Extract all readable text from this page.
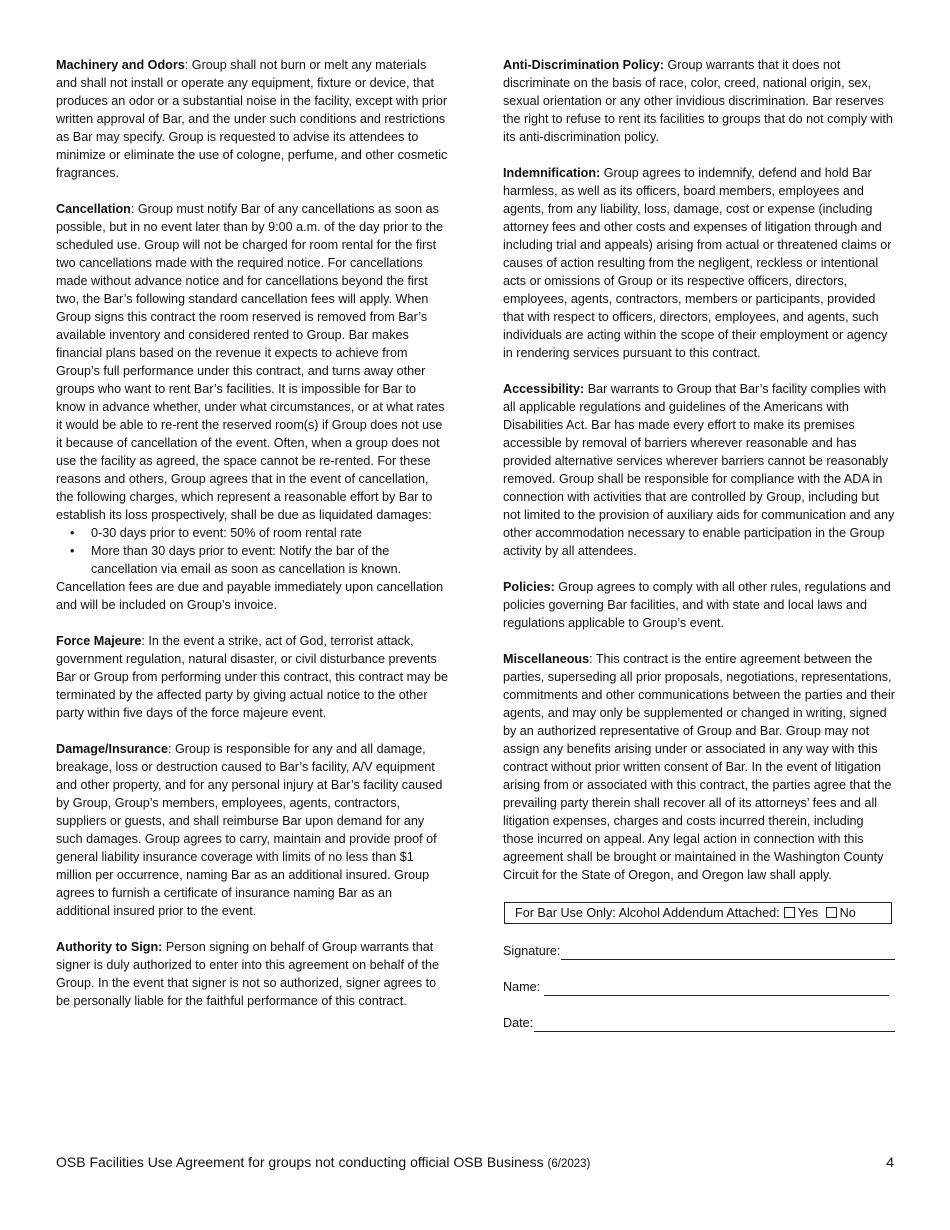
Machinery and Odors: Group shall not burn or melt any materials and shall not install or operate any equipment, fixture or device, that produces an odor or a substantial noise in the facility, except with prior written approval of Bar, and the under such conditions and restrictions as Bar may specify. Group is requested to advise its attendees to minimize or eliminate the use of cologne, perfume, and other cosmetic fragrances.

Cancellation: Group must notify Bar of any cancellations as soon as possible, but in no event later than by 9:00 a.m. of the day prior to the scheduled use. Group will not be charged for room rental for the first two cancellations made with the required notice. For cancellations made without advance notice and for cancellations beyond the first two, the Bar’s following standard cancellation fees will apply. When Group signs this contract the room reserved is removed from Bar’s available inventory and considered rented to Group. Bar makes financial plans based on the revenue it expects to achieve from Group’s full performance under this contract, and turns away other groups who want to rent Bar’s facilities. It is impossible for Bar to know in advance whether, under what circumstances, or at what rates it would be able to re-rent the reserved room(s) if Group does not use it because of cancellation of the event. Often, when a group does not use the facility as agreed, the space cannot be re-rented. For these reasons and others, Group agrees that in the event of cancellation, the following charges, which represent a reasonable effort by Bar to establish its loss prospectively, shall be due as liquidated damages:

• 0-30 days prior to event: 50% of room rental rate
• More than 30 days prior to event: Notify the bar of the cancellation via email as soon as cancellation is known.

Cancellation fees are due and payable immediately upon cancellation and will be included on Group’s invoice.

Force Majeure: In the event a strike, act of God, terrorist attack, government regulation, natural disaster, or civil disturbance prevents Bar or Group from performing under this contract, this contract may be terminated by the affected party by giving actual notice to the other party within five days of the force majeure event.

Damage/Insurance: Group is responsible for any and all damage, breakage, loss or destruction caused to Bar’s facility, A/V equipment and other property, and for any personal injury at Bar’s facility caused by Group, Group’s members, employees, agents, contractors, suppliers or guests, and shall reimburse Bar upon demand for any such damages. Group agrees to carry, maintain and provide proof of general liability insurance coverage with limits of no less than $1 million per occurrence, naming Bar as an additional insured. Group agrees to furnish a certificate of insurance naming Bar as an additional insured prior to the event.

Authority to Sign: Person signing on behalf of Group warrants that signer is duly authorized to enter into this agreement on behalf of the Group. In the event that signer is not so authorized, signer agrees to be personally liable for the faithful performance of this contract.

Anti-Discrimination Policy: Group warrants that it does not discriminate on the basis of race, color, creed, national origin, sex, sexual orientation or any other invidious discrimination. Bar reserves the right to refuse to rent its facilities to groups that do not comply with its anti-discrimination policy.

Indemnification: Group agrees to indemnify, defend and hold Bar harmless, as well as its officers, board members, employees and agents, from any liability, loss, damage, cost or expense (including attorney fees and other costs and expenses of litigation through and including trial and appeals) arising from actual or threatened claims or causes of action resulting from the negligent, reckless or intentional acts or omissions of Group or its respective officers, directors, employees, agents, contractors, members or participants, provided that with respect to officers, directors, employees, and agents, such individuals are acting within the scope of their employment or agency in rendering services pursuant to this contract.

Accessibility: Bar warrants to Group that Bar’s facility complies with all applicable regulations and guidelines of the Americans with Disabilities Act. Bar has made every effort to make its premises accessible by removal of barriers wherever reasonable and has provided alternative services wherever barriers cannot be reasonably removed. Group shall be responsible for compliance with the ADA in connection with activities that are controlled by Group, including but not limited to the provision of auxiliary aids for communication and any other accommodation necessary to enable participation in the Group activity by all attendees.

Policies: Group agrees to comply with all other rules, regulations and policies governing Bar facilities, and with state and local laws and regulations applicable to Group’s event.

Miscellaneous: This contract is the entire agreement between the parties, superseding all prior proposals, negotiations, representations, commitments and other communications between the parties and their agents, and may only be supplemented or changed in writing, signed by an authorized representative of Group and Bar. Group may not assign any benefits arising under or associated in any way with this contract without prior written consent of Bar. In the event of litigation arising from or associated with this contract, the parties agree that the prevailing party therein shall recover all of its attorneys’ fees and all litigation expenses, charges and costs incurred therein, including those incurred on appeal. Any legal action in connection with this agreement shall be brought or maintained in the Washington County Circuit for the State of Oregon, and Oregon law shall apply.

For Bar Use Only: Alcohol Addendum Attached: Yes No
Signature:
Name:
Date:
OSB Facilities Use Agreement for groups not conducting official OSB Business (6/2023)	4
